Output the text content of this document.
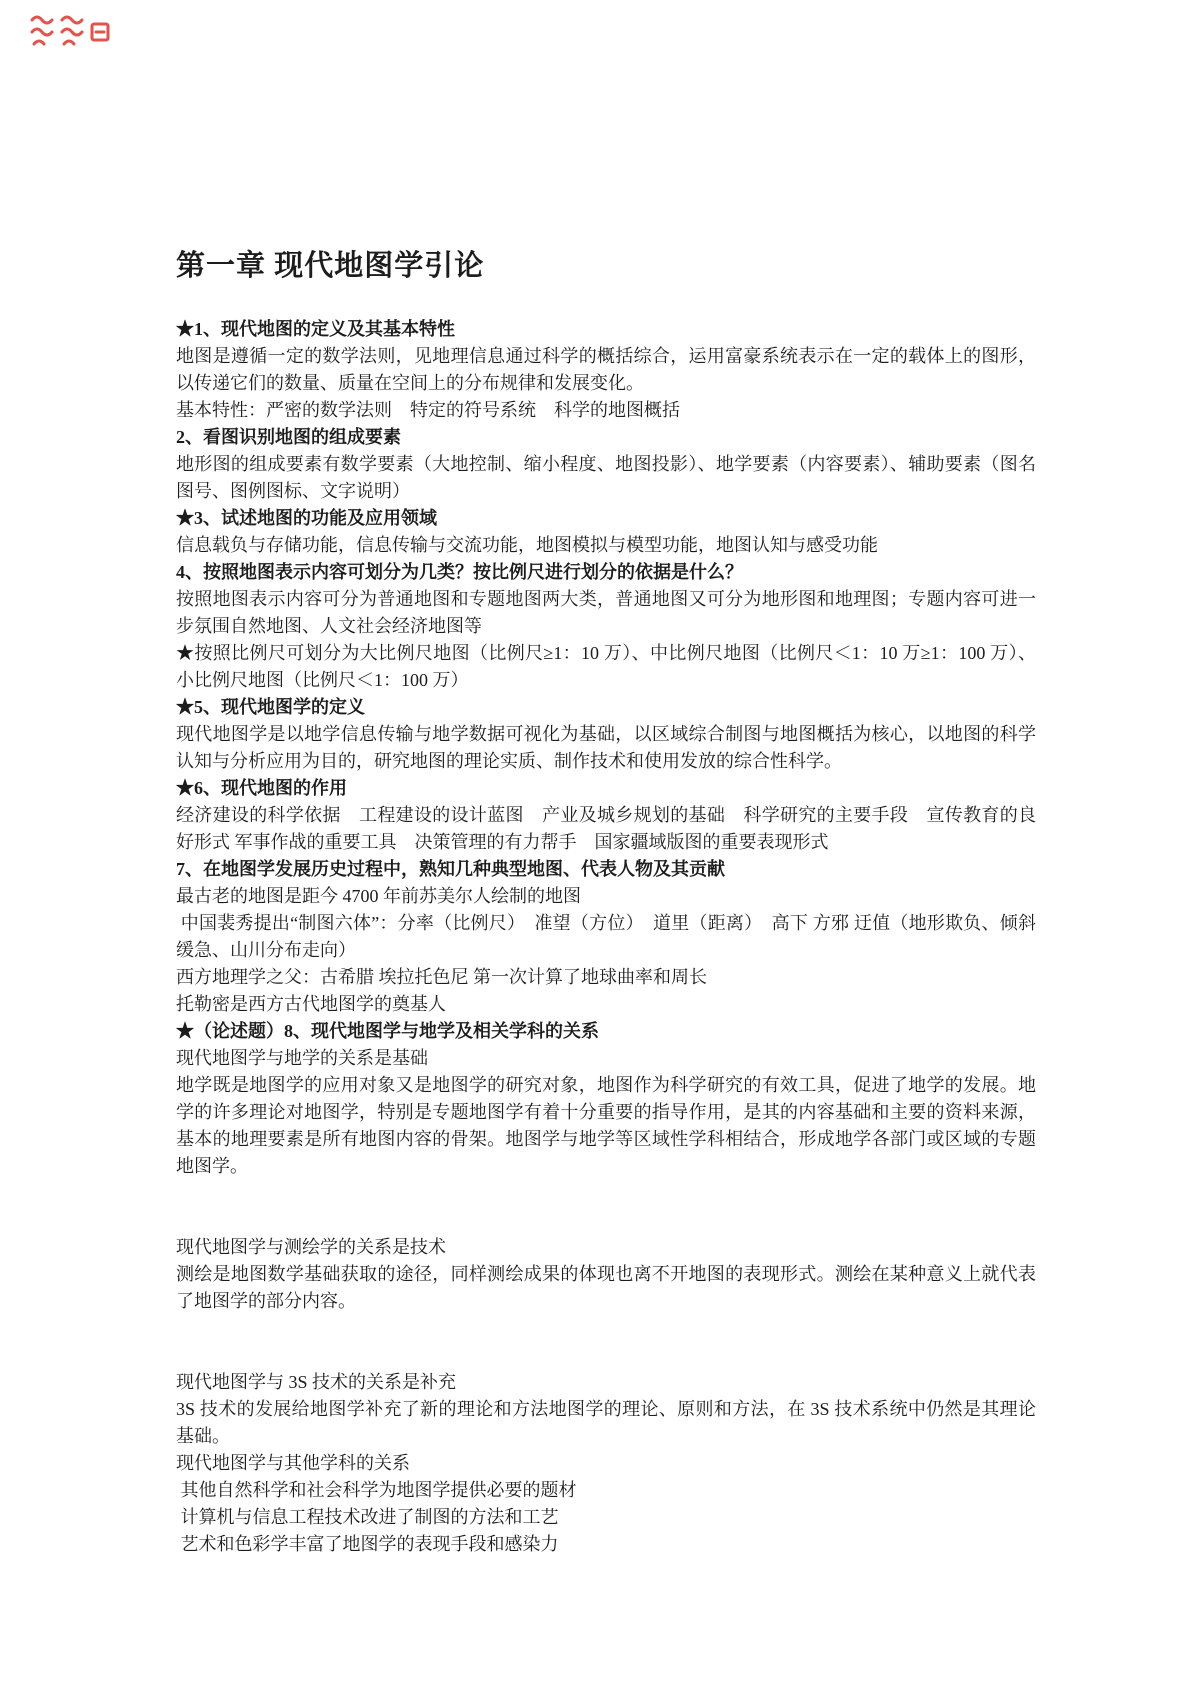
第一章 现代地图学引论
★1、现代地图的定义及其基本特性
地图是遵循一定的数学法则，见地理信息通过科学的概括综合，运用富豪系统表示在一定的载体上的图形，以传递它们的数量、质量在空间上的分布规律和发展变化。
基本特性：严密的数学法则　特定的符号系统　科学的地图概括
2、看图识别地图的组成要素
地形图的组成要素有数学要素（大地控制、缩小程度、地图投影）、地学要素（内容要素）、辅助要素（图名图号、图例图标、文字说明）
★3、试述地图的功能及应用领域
信息载负与存储功能，信息传输与交流功能，地图模拟与模型功能，地图认知与感受功能
4、按照地图表示内容可划分为几类？按比例尺进行划分的依据是什么？
按照地图表示内容可分为普通地图和专题地图两大类，普通地图又可分为地形图和地理图；专题内容可进一步氛围自然地图、人文社会经济地图等
★按照比例尺可划分为大比例尺地图（比例尺≥1：10 万）、中比例尺地图（比例尺＜1：10 万≥1：100 万）、小比例尺地图（比例尺＜1：100 万）
★5、现代地图学的定义
现代地图学是以地学信息传输与地学数据可视化为基础，以区域综合制图与地图概括为核心，以地图的科学认知与分析应用为目的，研究地图的理论实质、制作技术和使用发放的综合性科学。
★6、现代地图的作用
经济建设的科学依据　工程建设的设计蓝图　产业及城乡规划的基础　科学研究的主要手段　宣传教育的良好形式 军事作战的重要工具　决策管理的有力帮手　国家疆域版图的重要表现形式
7、在地图学发展历史过程中，熟知几种典型地图、代表人物及其贡献
最古老的地图是距今 4700 年前苏美尔人绘制的地图
中国裴秀提出“制图六体”：分率（比例尺）　准望（方位）　道里（距离）　高下 方邪 迂值（地形欺负、倾斜缓急、山川分布走向）
西方地理学之父：古希腊 埃拉托色尼 第一次计算了地球曲率和周长
托勒密是西方古代地图学的奠基人
★（论述题）8、现代地图学与地学及相关学科的关系
现代地图学与地学的关系是基础
地学既是地图学的应用对象又是地图学的研究对象，地图作为科学研究的有效工具，促进了地学的发展。地学的许多理论对地图学，特别是专题地图学有着十分重要的指导作用，是其的内容基础和主要的资料来源，基本的地理要素是所有地图内容的骨架。地图学与地学等区域性学科相结合，形成地学各部门或区域的专题地图学。
现代地图学与测绘学的关系是技术
测绘是地图数学基础获取的途径，同样测绘成果的体现也离不开地图的表现形式。测绘在某种意义上就代表了地图学的部分内容。
现代地图学与 3S 技术的关系是补充
3S 技术的发展给地图学补充了新的理论和方法地图学的理论、原则和方法，在 3S 技术系统中仍然是其理论基础。
现代地图学与其他学科的关系
其他自然科学和社会科学为地图学提供必要的题材
计算机与信息工程技术改进了制图的方法和工艺
艺术和色彩学丰富了地图学的表现手段和感染力
